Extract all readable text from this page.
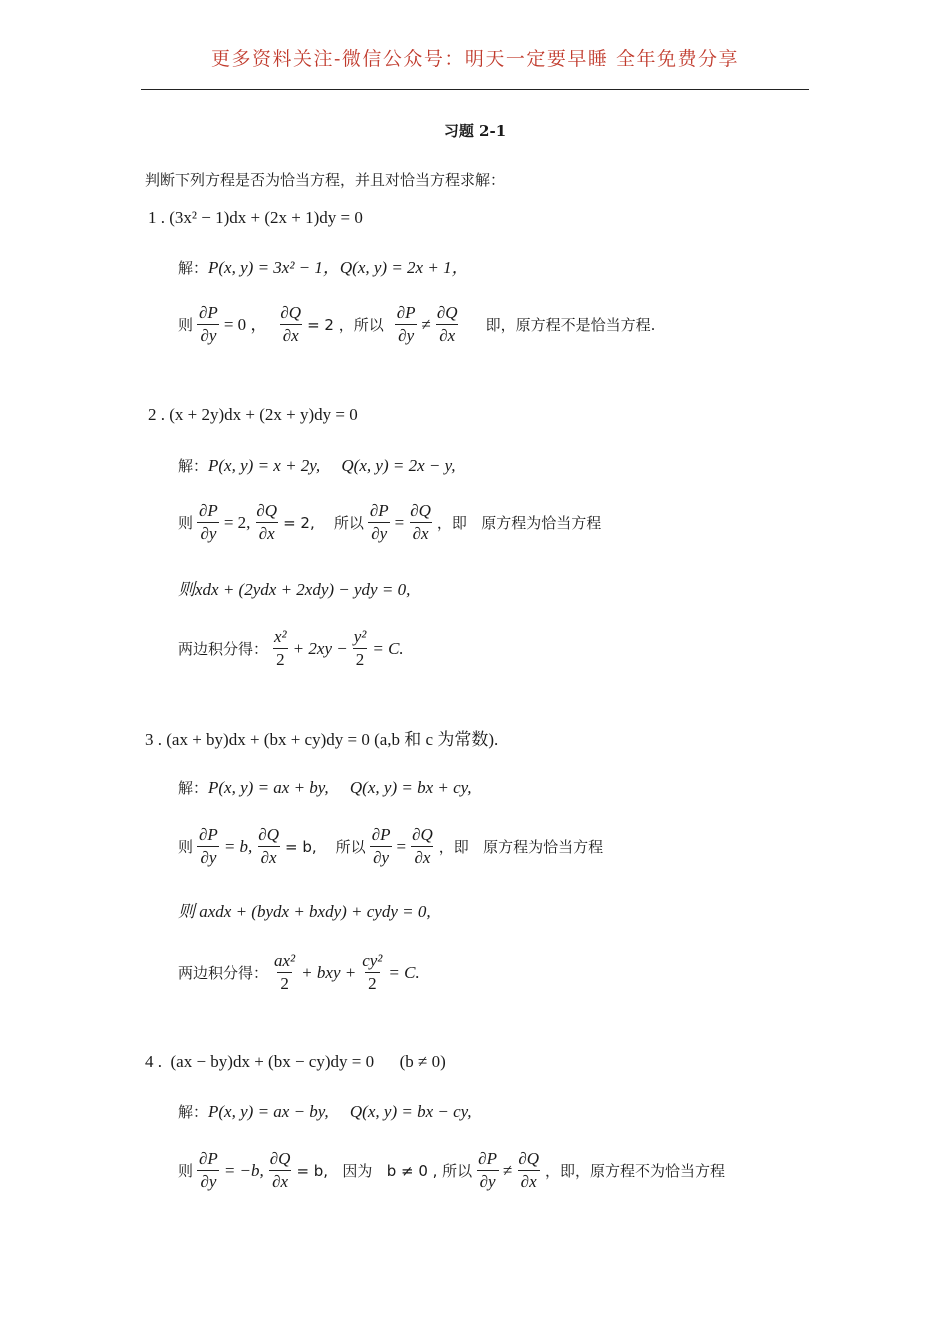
更多资料关注-微信公众号：明天一定要早睡 全年免费分享
习题 2-1
判断下列方程是否为恰当方程，并且对恰当方程求解：
1 . (3x² − 1)dx + (2x + 1)dy = 0
解： P(x, y) = 3x² − 1，Q(x, y) = 2x + 1，
则 $\frac{\partial P}{\partial y} = 0$ ， $\frac{\partial Q}{\partial x} = 2$ ，所以 $\frac{\partial P}{\partial y} \ne \frac{\partial Q}{\partial x}$ 即，原方程不是恰当方程.
2 . (x + 2y)dx + (2x + y)dy = 0
解： P(x, y) = x + 2y,     Q(x, y) = 2x − y,
则 $\frac{\partial P}{\partial y} = 2$, $\frac{\partial Q}{\partial x} = 2$,    所以 $\frac{\partial P}{\partial y} = \frac{\partial Q}{\partial x}$ ，即   原方程为恰当方程
则xdx + (2ydx + 2xdy) − ydy = 0,
两边积分得： $\frac{\text{x²}}{2} + 2xy - \frac{\text{y²}}{2} = C$.
3 . (ax + by)dx + (bx + cy)dy = 0 (a,b 和 c 为常数).
解： P(x, y) = ax + by,     Q(x, y) = bx + cy,
则 $\frac{\partial P}{\partial y} = b$, $\frac{\partial Q}{\partial x} = b$,    所以 $\frac{\partial P}{\partial y} = \frac{\partial Q}{\partial x}$ ，即   原方程为恰当方程
则 axdx + (bydx + bxdy) + cydy = 0,
两边积分得： $\frac{\text{ax²}}{2}$ + bxy + $\frac{\text{cy²}}{2} = C$.
4 .  (ax − by)dx + (bx − cy)dy = 0      (b ≠ 0)
解： P(x, y) = ax − by,     Q(x, y) = bx − cy,
则 $\frac{\partial P}{\partial y} = -b$, $\frac{\partial Q}{\partial x} = b$,   因为   b ≠ 0 , 所以 $\frac{\partial P}{\partial y} \ne \frac{\partial Q}{\partial x}$ ，即，原方程不为恰当方程
